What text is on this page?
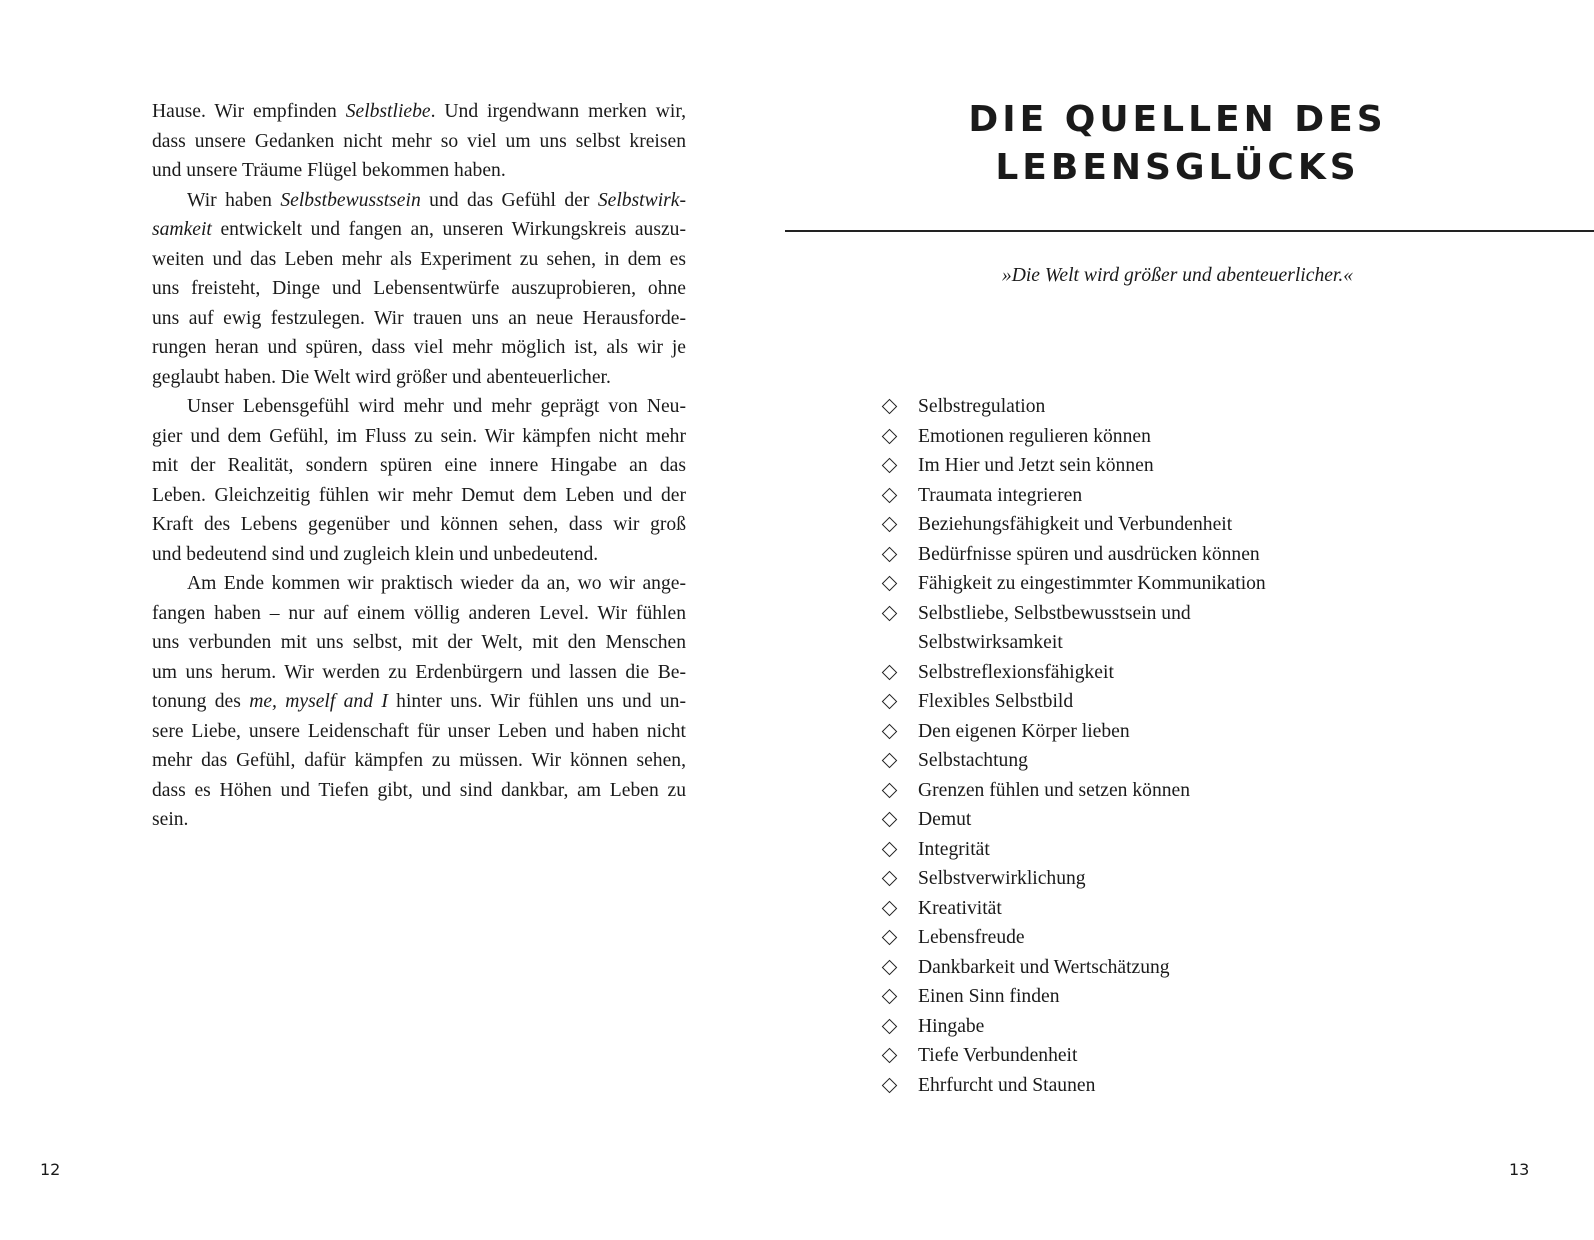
Hause. Wir empfinden Selbstliebe. Und irgendwann merken wir,
dass unsere Gedanken nicht mehr so viel um uns selbst kreisen
und unsere Träume Flügel bekommen haben.
Wir haben Selbstbewusstsein und das Gefühl der Selbstwirk-
samkeit entwickelt und fangen an, unseren Wirkungskreis auszu-
weiten und das Leben mehr als Experiment zu sehen, in dem es
uns freisteht, Dinge und Lebensentwürfe auszuprobieren, ohne
uns auf ewig festzulegen. Wir trauen uns an neue Herausforde-
rungen heran und spüren, dass viel mehr möglich ist, als wir je
geglaubt haben. Die Welt wird größer und abenteuerlicher.
Unser Lebensgefühl wird mehr und mehr geprägt von Neu-
gier und dem Gefühl, im Fluss zu sein. Wir kämpfen nicht mehr
mit der Realität, sondern spüren eine innere Hingabe an das
Leben. Gleichzeitig fühlen wir mehr Demut dem Leben und der
Kraft des Lebens gegenüber und können sehen, dass wir groß
und bedeutend sind und zugleich klein und unbedeutend.
Am Ende kommen wir praktisch wieder da an, wo wir ange-
fangen haben – nur auf einem völlig anderen Level. Wir fühlen
uns verbunden mit uns selbst, mit der Welt, mit den Menschen
um uns herum. Wir werden zu Erdenbürgern und lassen die Be-
tonung des me, myself and I hinter uns. Wir fühlen uns und un-
sere Liebe, unsere Leidenschaft für unser Leben und haben nicht
mehr das Gefühl, dafür kämpfen zu müssen. Wir können sehen,
dass es Höhen und Tiefen gibt, und sind dankbar, am Leben zu
sein.
DIE QUELLEN DES
LEBENSGLÜCKS
»Die Welt wird größer und abenteuerlicher.«
Selbstregulation
Emotionen regulieren können
Im Hier und Jetzt sein können
Traumata integrieren
Beziehungsfähigkeit und Verbundenheit
Bedürfnisse spüren und ausdrücken können
Fähigkeit zu eingestimmter Kommunikation
Selbstliebe, Selbstbewusstsein und Selbstwirksamkeit
Selbstreflexionsfähigkeit
Flexibles Selbstbild
Den eigenen Körper lieben
Selbstachtung
Grenzen fühlen und setzen können
Demut
Integrität
Selbstverwirklichung
Kreativität
Lebensfreude
Dankbarkeit und Wertschätzung
Einen Sinn finden
Hingabe
Tiefe Verbundenheit
Ehrfurcht und Staunen
12	13
